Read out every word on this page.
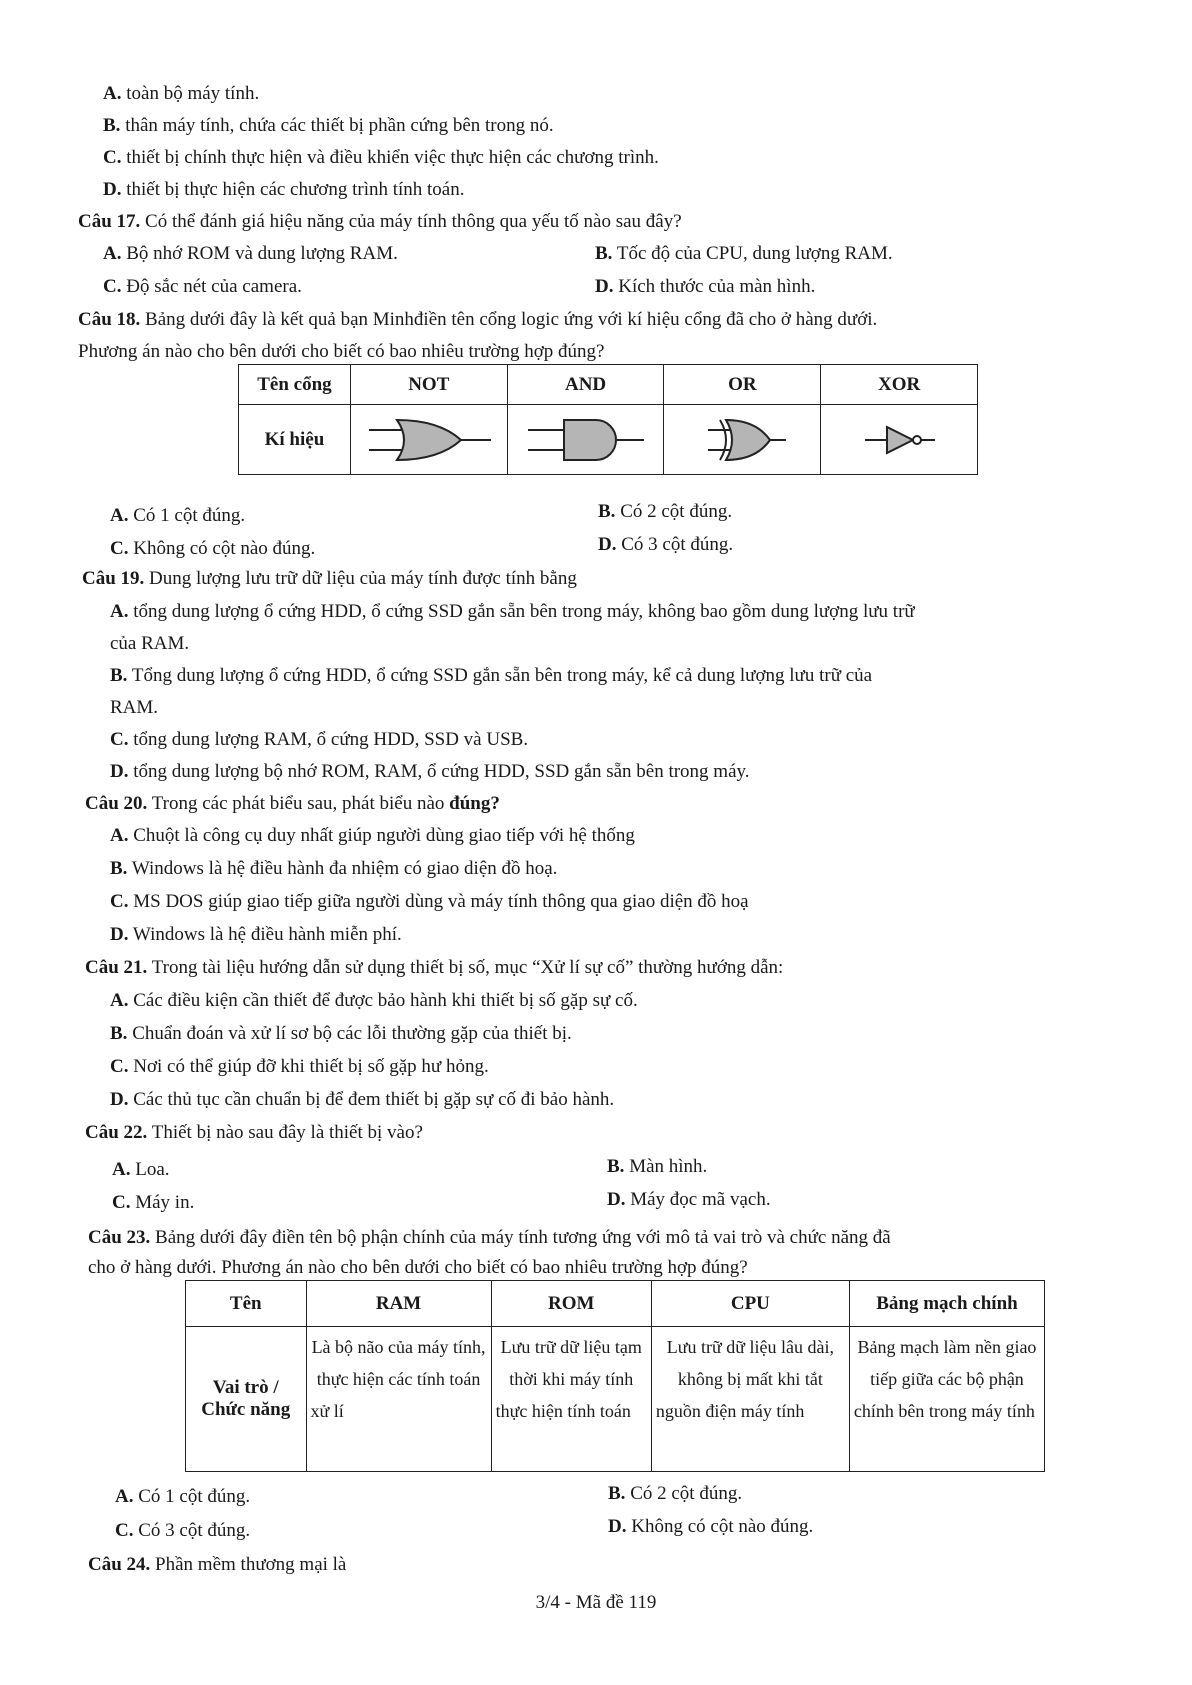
A. toàn bộ máy tính.
B. thân máy tính, chứa các thiết bị phần cứng bên trong nó.
C. thiết bị chính thực hiện và điều khiển việc thực hiện các chương trình.
D. thiết bị thực hiện các chương trình tính toán.
Câu 17. Có thể đánh giá hiệu năng của máy tính thông qua yếu tố nào sau đây?
A. Bộ nhớ ROM và dung lượng RAM.	B. Tốc độ của CPU, dung lượng RAM.
C. Độ sắc nét của camera.	D. Kích thước của màn hình.
Câu 18. Bảng dưới đây là kết quả bạn Minhđiền tên cổng logic ứng với kí hiệu cổng đã cho ở hàng dưới.
Phương án nào cho bên dưới cho biết có bao nhiêu trường hợp đúng?
Tên cổng	NOT	AND	OR	XOR
Kí hiệu	

A. Có 1 cột đúng.	B. Có 2 cột đúng.
C. Không có cột nào đúng.	D. Có 3 cột đúng.
Câu 19. Dung lượng lưu trữ dữ liệu của máy tính được tính bằng
A. tổng dung lượng ổ cứng HDD, ổ cứng SSD gắn sẵn bên trong máy, không bao gồm dung lượng lưu trữ
của RAM.
B. Tổng dung lượng ổ cứng HDD, ổ cứng SSD gắn sẵn bên trong máy, kể cả dung lượng lưu trữ của
RAM.
C. tổng dung lượng RAM, ổ cứng HDD, SSD và USB.
D. tổng dung lượng bộ nhớ ROM, RAM, ổ cứng HDD, SSD gắn sẵn bên trong máy.
Câu 20. Trong các phát biểu sau, phát biểu nào đúng?
A. Chuột là công cụ duy nhất giúp người dùng giao tiếp với hệ thống
B. Windows là hệ điều hành đa nhiệm có giao diện đồ hoạ.
C. MS DOS giúp giao tiếp giữa người dùng và máy tính thông qua giao diện đồ hoạ
D. Windows là hệ điều hành miễn phí.
Câu 21. Trong tài liệu hướng dẫn sử dụng thiết bị số, mục “Xử lí sự cố” thường hướng dẫn:
A. Các điều kiện cần thiết để được bảo hành khi thiết bị số gặp sự cố.
B. Chuẩn đoán và xử lí sơ bộ các lỗi thường gặp của thiết bị.
C. Nơi có thể giúp đỡ khi thiết bị số gặp hư hỏng.
D. Các thủ tục cần chuẩn bị để đem thiết bị gặp sự cố đi bảo hành.
Câu 22. Thiết bị nào sau đây là thiết bị vào?
A. Loa.	B. Màn hình.
C. Máy in.	D. Máy đọc mã vạch.
Câu 23. Bảng dưới đây điền tên bộ phận chính của máy tính tương ứng với mô tả vai trò và chức năng đã
cho ở hàng dưới. Phương án nào cho bên dưới cho biết có bao nhiêu trường hợp đúng?
Tên	RAM	ROM	CPU	Bảng mạch chính
Vai trò /
Chức năng	Là bộ não của máy tính, thực hiện các tính toán xử lí	Lưu trữ dữ liệu tạm thời khi máy tính thực hiện tính toán	Lưu trữ dữ liệu lâu dài, không bị mất khi tắt nguồn điện máy tính	Bảng mạch làm nền giao tiếp giữa các bộ phận chính bên trong máy tính
A. Có 1 cột đúng.	B. Có 2 cột đúng.
C. Có 3 cột đúng.	D. Không có cột nào đúng.
Câu 24. Phần mềm thương mại là
3/4 - Mã đề 119
